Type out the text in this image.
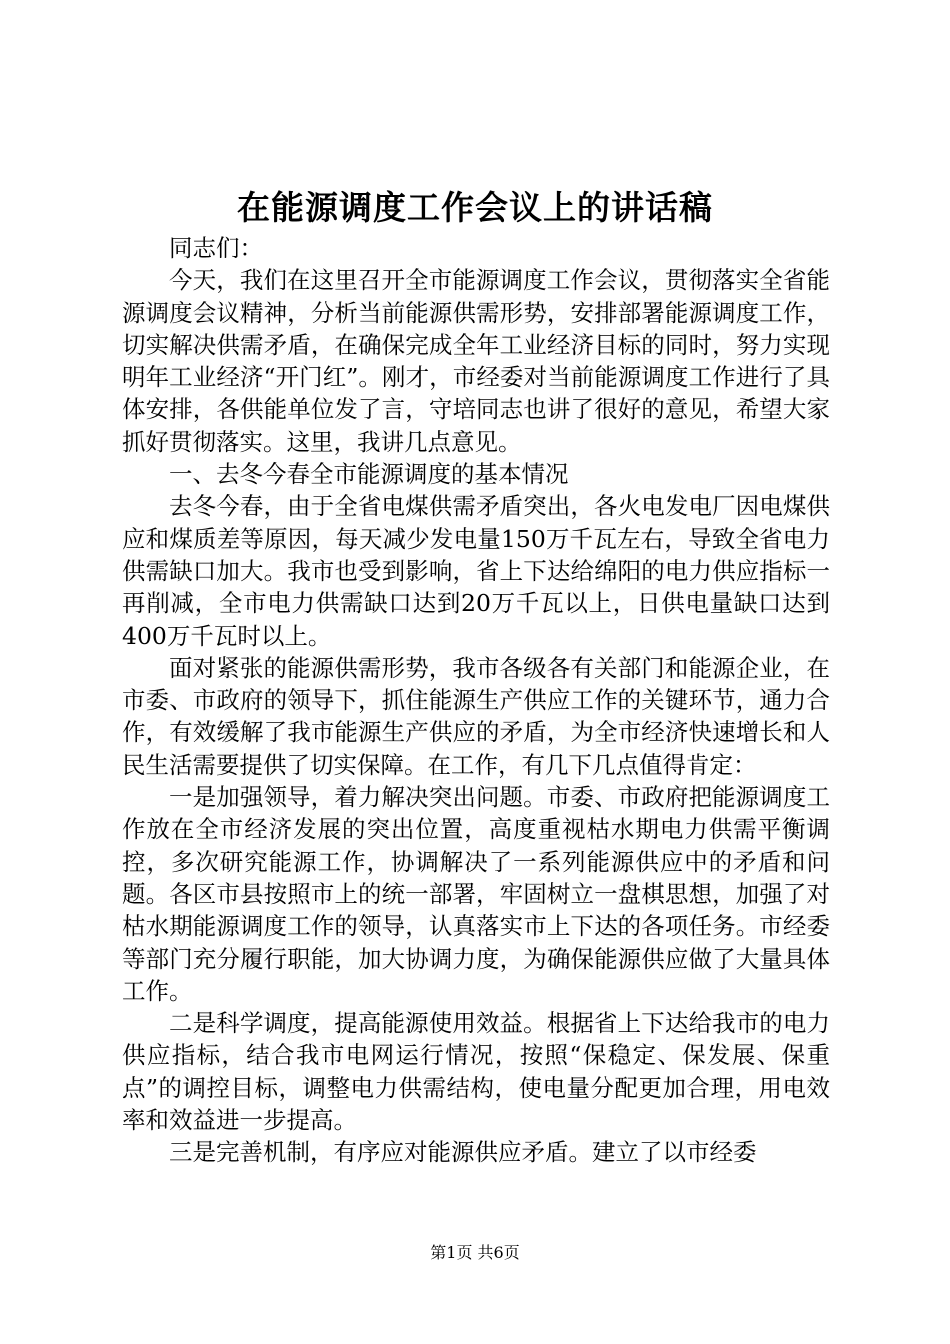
在能源调度工作会议上的讲话稿

同志们：

今天，我们在这里召开全市能源调度工作会议，贯彻落实全省能源调度会议精神，分析当前能源供需形势，安排部署能源调度工作，切实解决供需矛盾，在确保完成全年工业经济目标的同时，努力实现明年工业经济“开门红”。刚才，市经委对当前能源调度工作进行了具体安排，各供能单位发了言，守培同志也讲了很好的意见，希望大家抓好贯彻落实。这里，我讲几点意见。

一、去冬今春全市能源调度的基本情况

去冬今春，由于全省电煤供需矛盾突出，各火电发电厂因电煤供应和煤质差等原因，每天减少发电量150万千瓦左右，导致全省电力供需缺口加大。我市也受到影响，省上下达给绵阳的电力供应指标一再削减，全市电力供需缺口达到20万千瓦以上，日供电量缺口达到400万千瓦时以上。

面对紧张的能源供需形势，我市各级各有关部门和能源企业，在市委、市政府的领导下，抓住能源生产供应工作的关键环节，通力合作，有效缓解了我市能源生产供应的矛盾，为全市经济快速增长和人民生活需要提供了切实保障。在工作，有几下几点值得肯定：

一是加强领导，着力解决突出问题。市委、市政府把能源调度工作放在全市经济发展的突出位置，高度重视枯水期电力供需平衡调控，多次研究能源工作，协调解决了一系列能源供应中的矛盾和问题。各区市县按照市上的统一部署，牢固树立一盘棋思想，加强了对枯水期能源调度工作的领导，认真落实市上下达的各项任务。市经委等部门充分履行职能，加大协调力度，为确保能源供应做了大量具体工作。

二是科学调度，提高能源使用效益。根据省上下达给我市的电力供应指标，结合我市电网运行情况，按照“保稳定、保发展、保重点”的调控目标，调整电力供需结构，使电量分配更加合理，用电效率和效益进一步提高。

三是完善机制，有序应对能源供应矛盾。建立了以市经委

第1页 共6页
